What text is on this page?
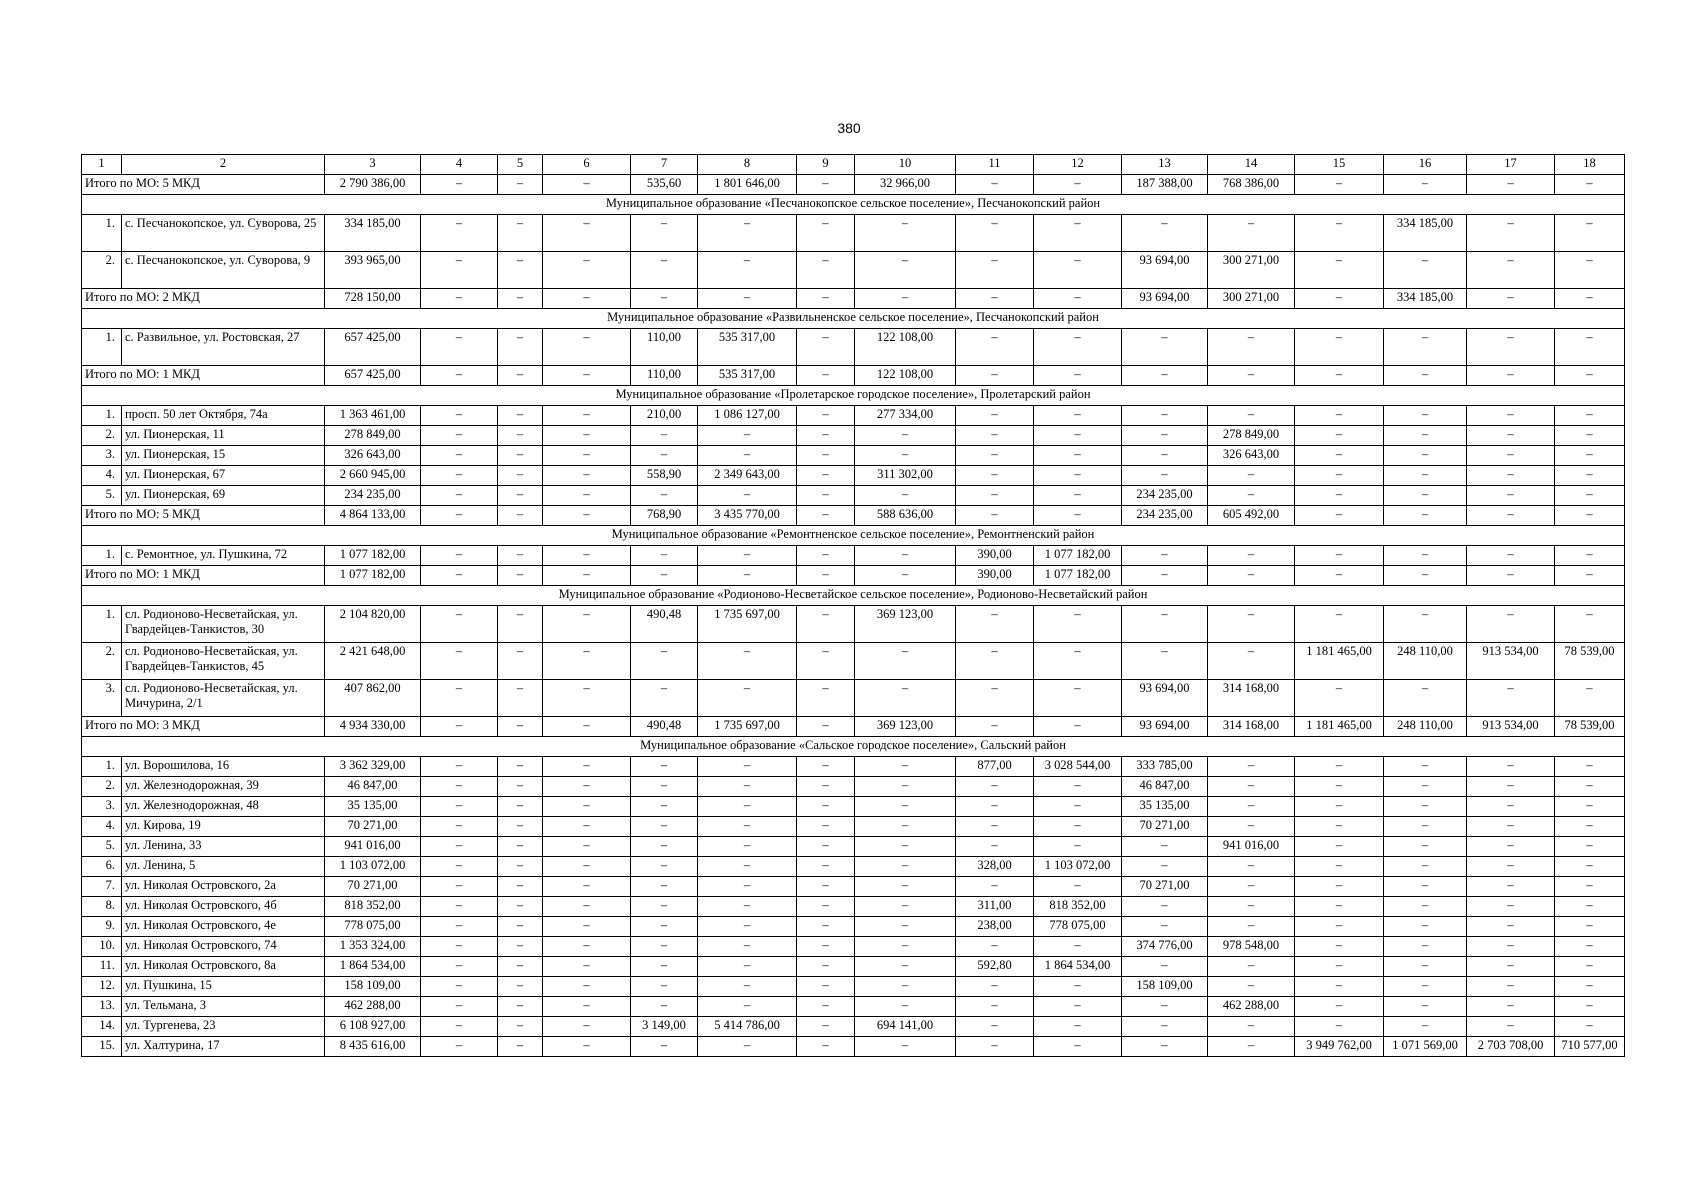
380
1	2	3	4	5	6	7	8	9	10	11	12	13	14	15	16	17	18
Итого по МО: 5 МКД		2 790 386,00	–	–	–	535,60	1 801 646,00	–	32 966,00	–	–	187 388,00	768 386,00	–	–	–	–
Муниципальное образование «Песчанокопское сельское поселение», Песчанокопский район																	
1.	с. Песчанокопское, ул. Суворова, 25	334 185,00	–	–	–	–	–	–	–	–	–	–	–	–	334 185,00	–	–
2.	с. Песчанокопское, ул. Суворова, 9	393 965,00	–	–	–	–	–	–	–	–	–	93 694,00	300 271,00	–	–	–	–
Итого по МО: 2 МКД		728 150,00	–	–	–	–	–	–	–	–	–	93 694,00	300 271,00	–	334 185,00	–	–
Муниципальное образование «Развильненское сельское поселение», Песчанокопский район																	
1.	с. Развильное, ул. Ростовская, 27	657 425,00	–	–	–	110,00	535 317,00	–	122 108,00	–	–	–	–	–	–	–	–
Итого по МО: 1 МКД		657 425,00	–	–	–	110,00	535 317,00	–	122 108,00	–	–	–	–	–	–	–	–
Муниципальное образование «Пролетарское городское поселение», Пролетарский район																	
1.	просп. 50 лет Октября, 74а	1 363 461,00	–	–	–	210,00	1 086 127,00	–	277 334,00	–	–	–	–	–	–	–	–
2.	ул. Пионерская, 11	278 849,00	–	–	–	–	–	–	–	–	–	–	278 849,00	–	–	–	–
3.	ул. Пионерская, 15	326 643,00	–	–	–	–	–	–	–	–	–	–	326 643,00	–	–	–	–
4.	ул. Пионерская, 67	2 660 945,00	–	–	–	558,90	2 349 643,00	–	311 302,00	–	–	–	–	–	–	–	–
5.	ул. Пионерская, 69	234 235,00	–	–	–	–	–	–	–	–	–	234 235,00	–	–	–	–	–
Итого по МО: 5 МКД		4 864 133,00	–	–	–	768,90	3 435 770,00	–	588 636,00	–	–	234 235,00	605 492,00	–	–	–	–
Муниципальное образование «Ремонтненское сельское поселение», Ремонтненский район																	
1.	с. Ремонтное, ул. Пушкина, 72	1 077 182,00	–	–	–	–	–	–	–	390,00	1 077 182,00	–	–	–	–	–	–
Итого по МО: 1 МКД		1 077 182,00	–	–	–	–	–	–	–	390,00	1 077 182,00	–	–	–	–	–	–
Муниципальное образование «Родионово-Несветайское сельское поселение», Родионово-Несветайский район																	
1.	сл. Родионово-Несветайская, ул. Гвардейцев-Танкистов, 30	2 104 820,00	–	–	–	490,48	1 735 697,00	–	369 123,00	–	–	–	–	–	–	–	–
2.	сл. Родионово-Несветайская, ул. Гвардейцев-Танкистов, 45	2 421 648,00	–	–	–	–	–	–	–	–	–	–	–	1 181 465,00	248 110,00	913 534,00	78 539,00
3.	сл. Родионово-Несветайская, ул. Мичурина, 2/1	407 862,00	–	–	–	–	–	–	–	–	–	93 694,00	314 168,00	–	–	–	–
Итого по МО: 3 МКД		4 934 330,00	–	–	–	490,48	1 735 697,00	–	369 123,00	–	–	93 694,00	314 168,00	1 181 465,00	248 110,00	913 534,00	78 539,00
Муниципальное образование «Сальское городское поселение», Сальский район																	
1.	ул. Ворошилова, 16	3 362 329,00	–	–	–	–	–	–	–	877,00	3 028 544,00	333 785,00	–	–	–	–	–
2.	ул. Железнодорожная, 39	46 847,00	–	–	–	–	–	–	–	–	–	46 847,00	–	–	–	–	–
3.	ул. Железнодорожная, 48	35 135,00	–	–	–	–	–	–	–	–	–	35 135,00	–	–	–	–	–
4.	ул. Кирова, 19	70 271,00	–	–	–	–	–	–	–	–	–	70 271,00	–	–	–	–	–
5.	ул. Ленина, 33	941 016,00	–	–	–	–	–	–	–	–	–	–	941 016,00	–	–	–	–
6.	ул. Ленина, 5	1 103 072,00	–	–	–	–	–	–	–	328,00	1 103 072,00	–	–	–	–	–	–
7.	ул. Николая Островского, 2а	70 271,00	–	–	–	–	–	–	–	–	–	70 271,00	–	–	–	–	–
8.	ул. Николая Островского, 4б	818 352,00	–	–	–	–	–	–	–	311,00	818 352,00	–	–	–	–	–	–
9.	ул. Николая Островского, 4е	778 075,00	–	–	–	–	–	–	–	238,00	778 075,00	–	–	–	–	–	–
10.	ул. Николая Островского, 74	1 353 324,00	–	–	–	–	–	–	–	–	–	374 776,00	978 548,00	–	–	–	–
11.	ул. Николая Островского, 8а	1 864 534,00	–	–	–	–	–	–	–	592,80	1 864 534,00	–	–	–	–	–	–
12.	ул. Пушкина, 15	158 109,00	–	–	–	–	–	–	–	–	–	158 109,00	–	–	–	–	–
13.	ул. Тельмана, 3	462 288,00	–	–	–	–	–	–	–	–	–	–	462 288,00	–	–	–	–
14.	ул. Тургенева, 23	6 108 927,00	–	–	–	3 149,00	5 414 786,00	–	694 141,00	–	–	–	–	–	–	–	–
15.	ул. Халтурина, 17	8 435 616,00	–	–	–	–	–	–	–	–	–	–	–	3 949 762,00	1 071 569,00	2 703 708,00	710 577,00
